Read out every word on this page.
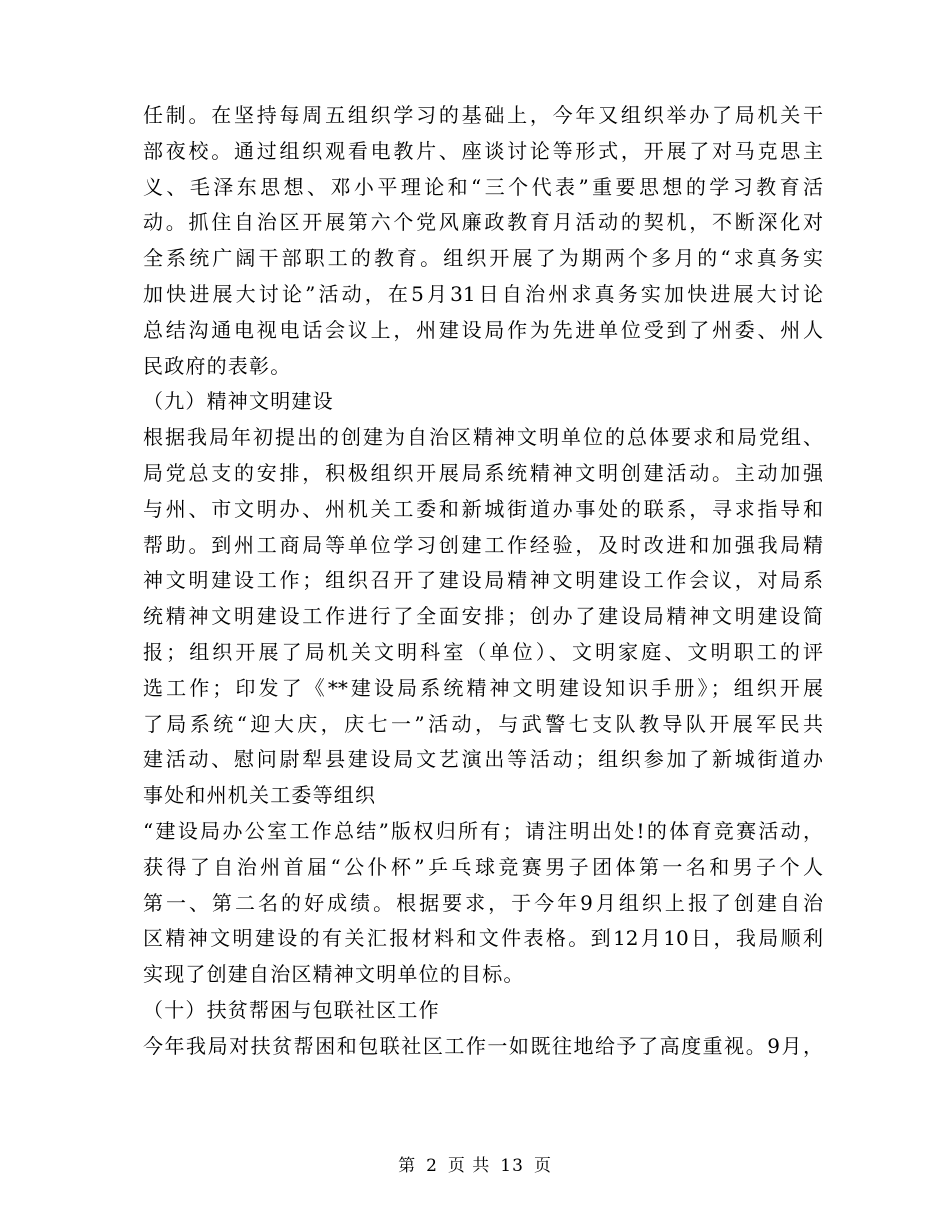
任制。在坚持每周五组织学习的基础上，今年又组织举办了局机关干
部夜校。通过组织观看电教片、座谈讨论等形式，开展了对马克思主
义、毛泽东思想、邓小平理论和“三个代表”重要思想的学习教育活
动。抓住自治区开展第六个党风廉政教育月活动的契机，不断深化对
全系统广阔干部职工的教育。组织开展了为期两个多月的“求真务实
加快进展大讨论”活动，在5月31日自治州求真务实加快进展大讨论
总结沟通电视电话会议上，州建设局作为先进单位受到了州委、州人
民政府的表彰。
（九）精神文明建设
根据我局年初提出的创建为自治区精神文明单位的总体要求和局党组、
局党总支的安排，积极组织开展局系统精神文明创建活动。主动加强
与州、市文明办、州机关工委和新城街道办事处的联系，寻求指导和
帮助。到州工商局等单位学习创建工作经验，及时改进和加强我局精
神文明建设工作；组织召开了建设局精神文明建设工作会议，对局系
统精神文明建设工作进行了全面安排；创办了建设局精神文明建设简
报；组织开展了局机关文明科室（单位）、文明家庭、文明职工的评
选工作；印发了《**建设局系统精神文明建设知识手册》；组织开展
了局系统“迎大庆，庆七一”活动，与武警七支队教导队开展军民共
建活动、慰问尉犁县建设局文艺演出等活动；组织参加了新城街道办
事处和州机关工委等组织
“建设局办公室工作总结”版权归所有；请注明出处!的体育竞赛活动，
获得了自治州首届“公仆杯”乒乓球竞赛男子团体第一名和男子个人
第一、第二名的好成绩。根据要求，于今年9月组织上报了创建自治
区精神文明建设的有关汇报材料和文件表格。到12月10日，我局顺利
实现了创建自治区精神文明单位的目标。
（十）扶贫帮困与包联社区工作
今年我局对扶贫帮困和包联社区工作一如既往地给予了高度重视。9月，
第 2 页 共 13 页
